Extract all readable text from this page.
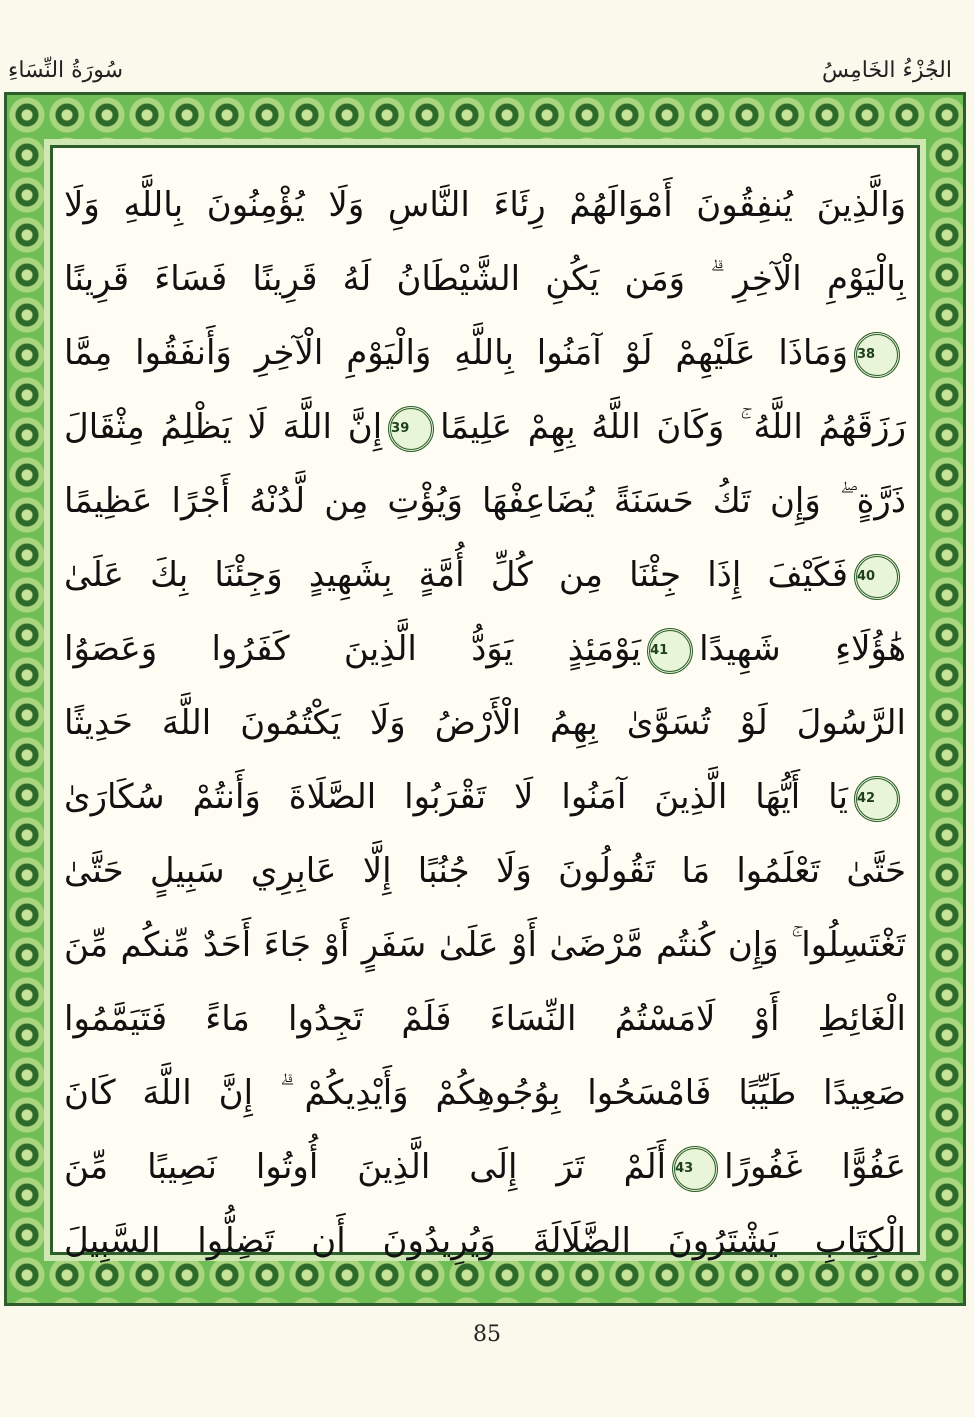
سُورَةُ النِّسَاءِ	الجُزْءُ الخَامِسُ
وَالَّذِينَ يُنفِقُونَ أَمْوَالَهُمْ رِئَاءَ النَّاسِ وَلَا يُؤْمِنُونَ بِاللَّهِ وَلَا
بِالْيَوْمِ الْآخِرِ ۗ وَمَن يَكُنِ الشَّيْطَانُ لَهُ قَرِينًا فَسَاءَ قَرِينًا
38وَمَاذَا عَلَيْهِمْ لَوْ آمَنُوا بِاللَّهِ وَالْيَوْمِ الْآخِرِ وَأَنفَقُوا مِمَّا
رَزَقَهُمُ اللَّهُ ۚ وَكَانَ اللَّهُ بِهِمْ عَلِيمًا39إِنَّ اللَّهَ لَا يَظْلِمُ مِثْقَالَ
ذَرَّةٍ ۖ وَإِن تَكُ حَسَنَةً يُضَاعِفْهَا وَيُؤْتِ مِن لَّدُنْهُ أَجْرًا عَظِيمًا
40فَكَيْفَ إِذَا جِئْنَا مِن كُلِّ أُمَّةٍ بِشَهِيدٍ وَجِئْنَا بِكَ عَلَىٰ
هَٰؤُلَاءِ شَهِيدًا41يَوْمَئِذٍ يَوَدُّ الَّذِينَ كَفَرُوا وَعَصَوُا
الرَّسُولَ لَوْ تُسَوَّىٰ بِهِمُ الْأَرْضُ وَلَا يَكْتُمُونَ اللَّهَ حَدِيثًا
42يَا أَيُّهَا الَّذِينَ آمَنُوا لَا تَقْرَبُوا الصَّلَاةَ وَأَنتُمْ سُكَارَىٰ
حَتَّىٰ تَعْلَمُوا مَا تَقُولُونَ وَلَا جُنُبًا إِلَّا عَابِرِي سَبِيلٍ حَتَّىٰ
تَغْتَسِلُوا ۚ وَإِن كُنتُم مَّرْضَىٰ أَوْ عَلَىٰ سَفَرٍ أَوْ جَاءَ أَحَدٌ مِّنكُم مِّنَ
الْغَائِطِ أَوْ لَامَسْتُمُ النِّسَاءَ فَلَمْ تَجِدُوا مَاءً فَتَيَمَّمُوا
صَعِيدًا طَيِّبًا فَامْسَحُوا بِوُجُوهِكُمْ وَأَيْدِيكُمْ ۗ إِنَّ اللَّهَ كَانَ
عَفُوًّا غَفُورًا43أَلَمْ تَرَ إِلَى الَّذِينَ أُوتُوا نَصِيبًا مِّنَ
الْكِتَابِ يَشْتَرُونَ الضَّلَالَةَ وَيُرِيدُونَ أَن تَضِلُّوا السَّبِيلَ
85
